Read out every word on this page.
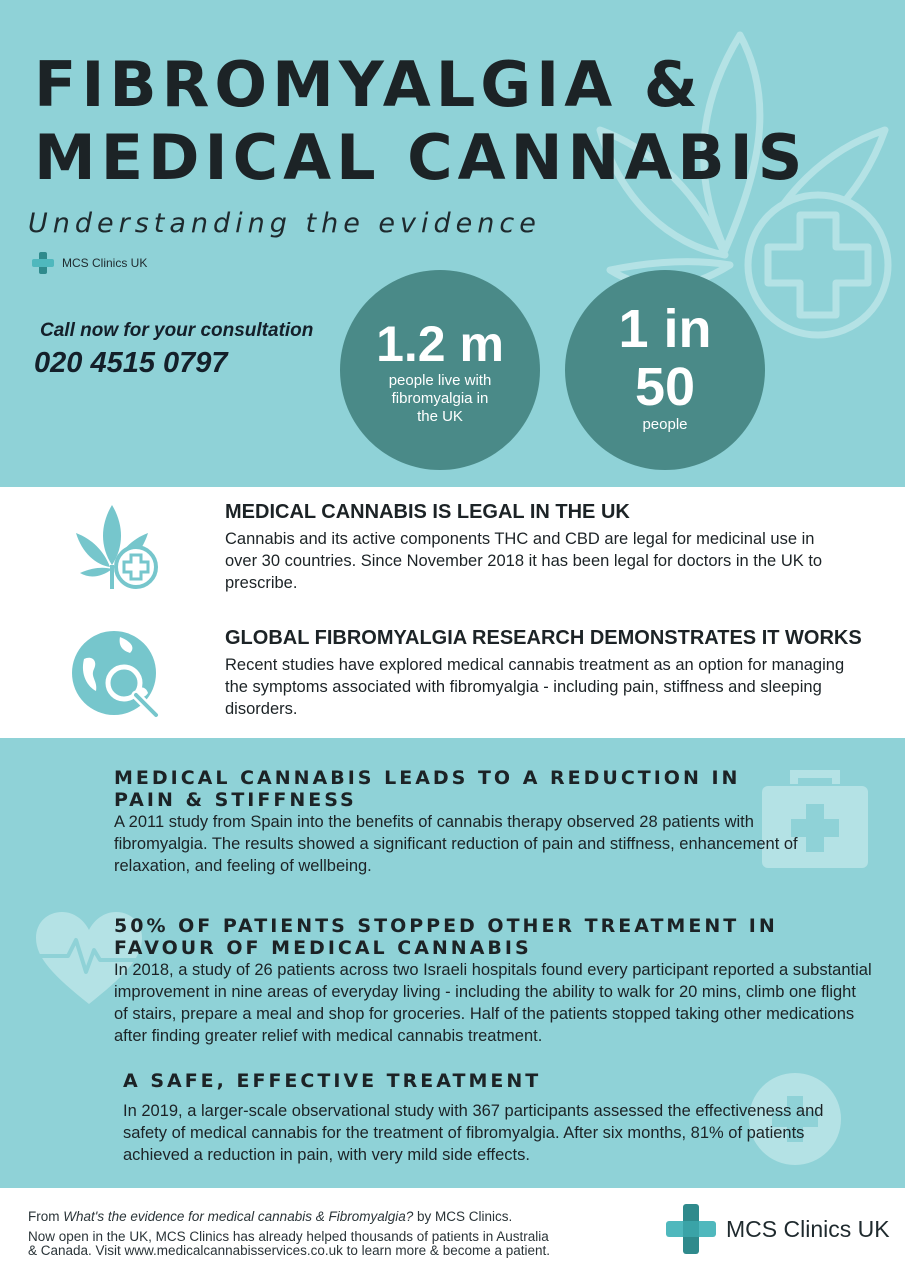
FIBROMYALGIA &
MEDICAL CANNABIS
Understanding the evidence
MCS Clinics UK
Call now for your consultation
020 4515 0797	1.2 m
people live with
fibromyalgia in
the UK
1 in
50
people
MEDICAL CANNABIS IS LEGAL IN THE UK

Cannabis and its active components THC and CBD are legal for medicinal use in over 30 countries. Since November 2018 it has been legal for doctors in the UK to prescribe.

GLOBAL FIBROMYALGIA RESEARCH DEMONSTRATES IT WORKS

Recent studies have explored medical cannabis treatment as an option for managing the symptoms associated with fibromyalgia - including pain, stiffness and sleeping disorders.

MEDICAL CANNABIS LEADS TO A REDUCTION IN
PAIN & STIFFNESS

A 2011 study from Spain into the benefits of cannabis therapy observed 28 patients with fibromyalgia. The results showed a significant reduction of pain and stiffness, enhancement of relaxation, and feeling of wellbeing.

50% OF PATIENTS STOPPED OTHER TREATMENT IN
FAVOUR OF MEDICAL CANNABIS

In 2018, a study of 26 patients across two Israeli hospitals found every participant reported a substantial improvement in nine areas of everyday living - including the ability to walk for 20 mins, climb one flight of stairs, prepare a meal and shop for groceries. Half of the patients stopped taking other medications after finding greater relief with medical cannabis treatment.

A SAFE, EFFECTIVE TREATMENT

In 2019, a larger-scale observational study with 367 participants assessed the effectiveness and safety of medical cannabis for the treatment of fibromyalgia. After six months, 81% of patients achieved a reduction in pain, with very mild side effects.

From What's the evidence for medical cannabis & Fibromyalgia? by MCS Clinics.
Now open in the UK, MCS Clinics has already helped thousands of patients in Australia
& Canada. Visit www.medicalcannabisservices.co.uk to learn more & become a patient.
MCS Clinics UK
